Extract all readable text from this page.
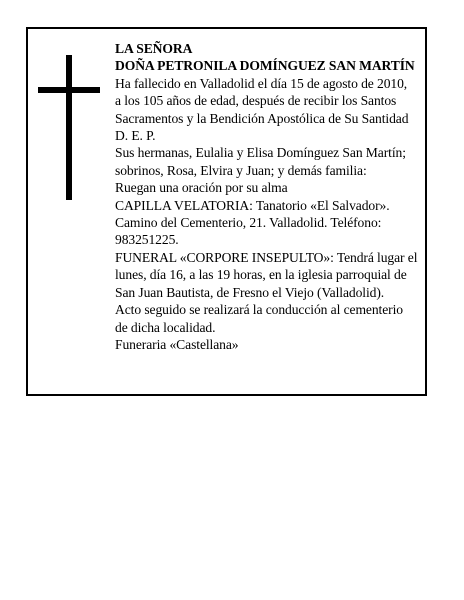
LA SEÑORA
DOÑA PETRONILA DOMÍNGUEZ SAN MARTÍN
Ha fallecido en Valladolid el día 15 de agosto de 2010,
a los 105 años de edad, después de recibir los Santos
Sacramentos y la Bendición Apostólica de Su Santidad
D. E. P.
Sus hermanas, Eulalia y Elisa Domínguez San Martín;
sobrinos, Rosa, Elvira y Juan; y demás familia:
Ruegan una oración por su alma
CAPILLA VELATORIA: Tanatorio «El Salvador».
Camino del Cementerio, 21. Valladolid. Teléfono:
983251225.
FUNERAL «CORPORE INSEPULTO»: Tendrá lugar el
lunes, día 16, a las 19 horas, en la iglesia parroquial de
San Juan Bautista, de Fresno el Viejo (Valladolid).
Acto seguido se realizará la conducción al cementerio
de dicha localidad.
Funeraria «Castellana»
